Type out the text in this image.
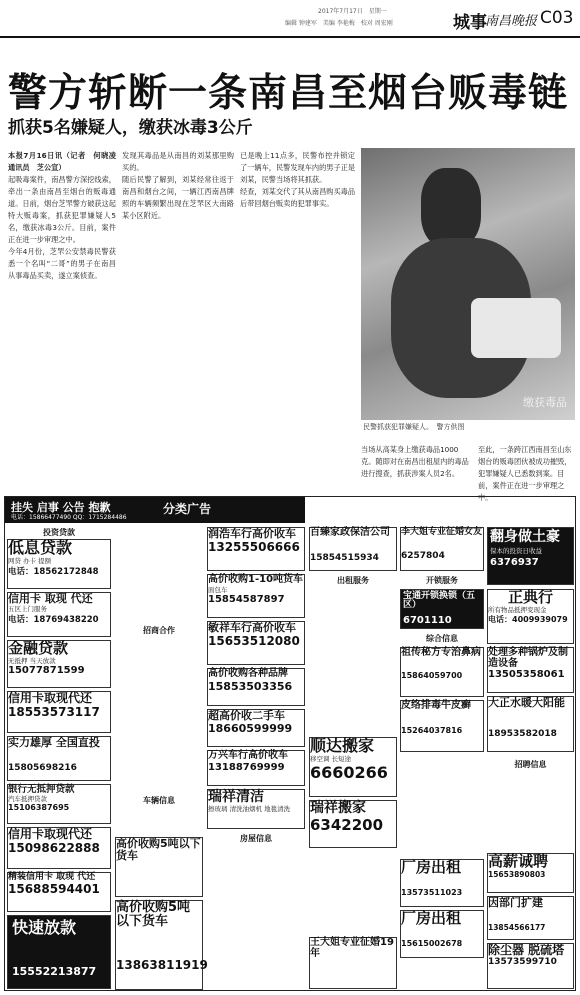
2017年7月17日　星期一
编辑 钟建军　美编 李艳梅　校对 周宏刚	城事
南昌晚报 C03
警方斩断一条南昌至烟台贩毒链
抓获5名嫌疑人，缴获冰毒3公斤

本报7月16日讯（记者　何晓凌　通讯员　芝公宣）

起吸毒案件，南昌警方深挖线索，牵出一条由南昌至烟台的贩毒通道。日前，烟台芝罘警方破获这起特大贩毒案，抓获犯罪嫌疑人5名，缴获冰毒3公斤。目前，案件正在进一步审理之中。

今年4月份，芝罘公安禁毒民警获悉一个名叫“二哥”的男子在南昌从事毒品买卖，遂立案侦查。

发现其毒品是从南昌的刘某那里购买的。

随后民警了解到，刘某经常往返于南昌和烟台之间，一辆江西南昌牌照的车辆频繁出现在芝罘区大南路某小区附近。

已是晚上11点多，民警布控并锁定了一辆车，民警发现车内的男子正是刘某，民警当场将其抓获。

经查，刘某交代了其从南昌购买毒品后带回烟台贩卖的犯罪事实。

缴获毒品
民警抓获犯罪嫌疑人。　警方供图
当场从高某身上缴获毒品1000克。随即对在南昌出租屋内的毒品进行搜查，抓获涉案人员2名。
至此，一条跨江西南昌至山东烟台的贩毒团伙被成功摧毁，犯罪嫌疑人已悉数到案。目前，案件正在进一步审理之中。
挂失 启事 公告 抱歉	分类广告
电话：15866477490 QQ：1715284486
投资贷款
低息贷款
网贷 办卡 提额
电话：18562172848
信用卡 取现 代还
五区上门服务
电话：18769438220
金融贷款
无抵押 当天放款
15077871599
信用卡取现代还
18553573117
实力雄厚 全国直投
15805698216
银行无抵押贷款
汽车抵押贷款
15106387695
信用卡取现代还
15098622888
精装信用卡 取现 代还
15688594401
快速放款
15552213877
招商合作
车辆信息
高价收购5吨以下货车
高价收购5吨以下货车
13863811919
润浩车行高价收车
13255506666
高价收购1-10吨货车
面包车
15854587897
敏祥车行高价收车
15653512080
高价收购各种品牌
15853503356
超高价收二手车
18660599999
万兴车行高价收车
13188769999
瑞祥清洁
擦玻璃 清洗油烟机 地毯清洗
房屋信息
百臻家政保洁公司
15854515934
出租服务
顺达搬家
移空调 长短途
6660266
瑞祥搬家
6342200
王大姐专业征婚19年
李大姐专业征婚女友
6257804
开锁服务
宝通开锁换锁（五区）
6701110
综合信息
祖传秘方专治鼻病
15864059700
皮络排毒牛皮癣
15264037816
厂房出租
13573511023
厂房出租
15615002678
翻身做土豪
保本的投资日收益
6376937
正典行
所有物品抵押变现金
电话：4009939079
处理多种锅炉及制造设备
13505358061
大正水暖大阳能
18953582018
招聘信息
高薪诚聘
15653890803
因部门扩建
13854566177
除尘器 脱硫塔
13573599710
